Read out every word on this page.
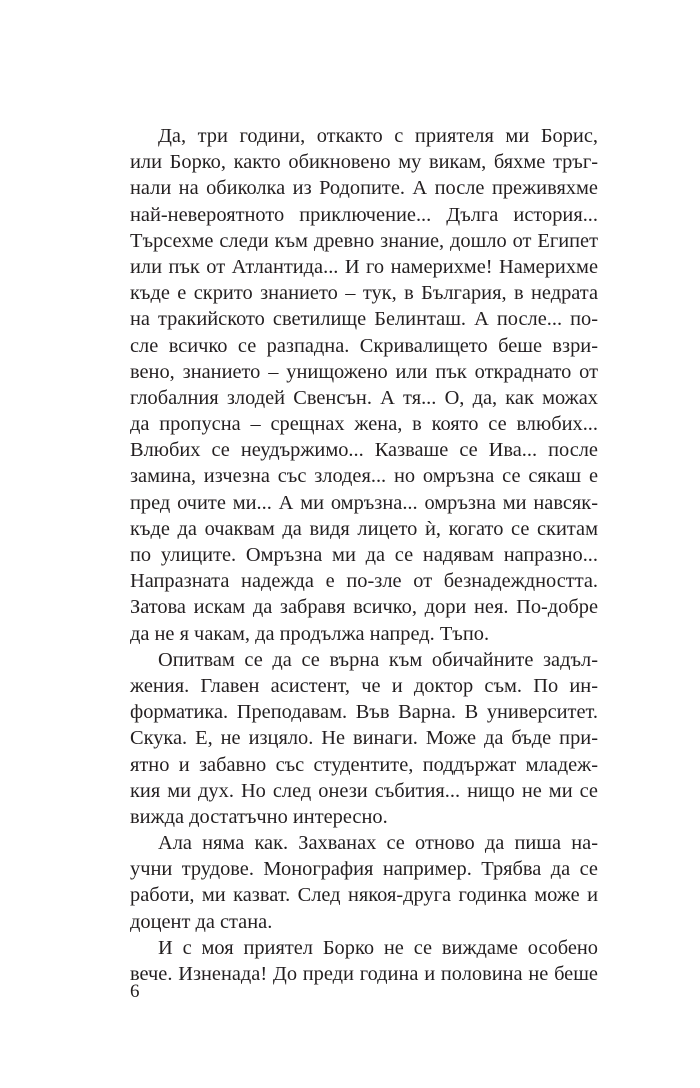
Да, три години, откакто с приятеля ми Борис,
или Борко, както обикновено му викам, бяхме тръг-
нали на обиколка из Родопите. А после преживяхме
най-невероятното приключение... Дълга история...
Търсехме следи към древно знание, дошло от Египет
или пък от Атлантида... И го намерихме! Намерихме
къде е скрито знанието – тук, в България, в недрата
на тракийското светилище Белинташ. А после... по-
сле всичко се разпадна. Скривалището беше взри-
вено, знанието – унищожено или пък откраднато от
глобалния злодей Свенсън. А тя... О, да, как можах
да пропусна – срещнах жена, в която се влюбих...
Влюбих се неудържимо... Казваше се Ива... после
замина, изчезна със злодея... но омръзна се сякаш е
пред очите ми... А ми омръзна... омръзна ми навсяк-
къде да очаквам да видя лицето ѝ, когато се скитам
по улиците. Омръзна ми да се надявам напразно...
Напразната надежда е по-зле от безнадеждността.
Затова искам да забравя всичко, дори нея. По-добре
да не я чакам, да продължа напред. Тъпо.
Опитвам се да се върна към обичайните задъл-
жения. Главен асистент, че и доктор съм. По ин-
форматика. Преподавам. Във Варна. В университет.
Скука. Е, не изцяло. Не винаги. Може да бъде при-
ятно и забавно със студентите, поддържат младеж-
кия ми дух. Но след онези събития... нищо не ми се
вижда достатъчно интересно.
Ала няма как. Захванах се отново да пиша на-
учни трудове. Монография например. Трябва да се
работи, ми казват. След някоя-друга годинка може и
доцент да стана.
И с моя приятел Борко не се виждаме особено
вече. Изненада! До преди година и половина не беше
6
